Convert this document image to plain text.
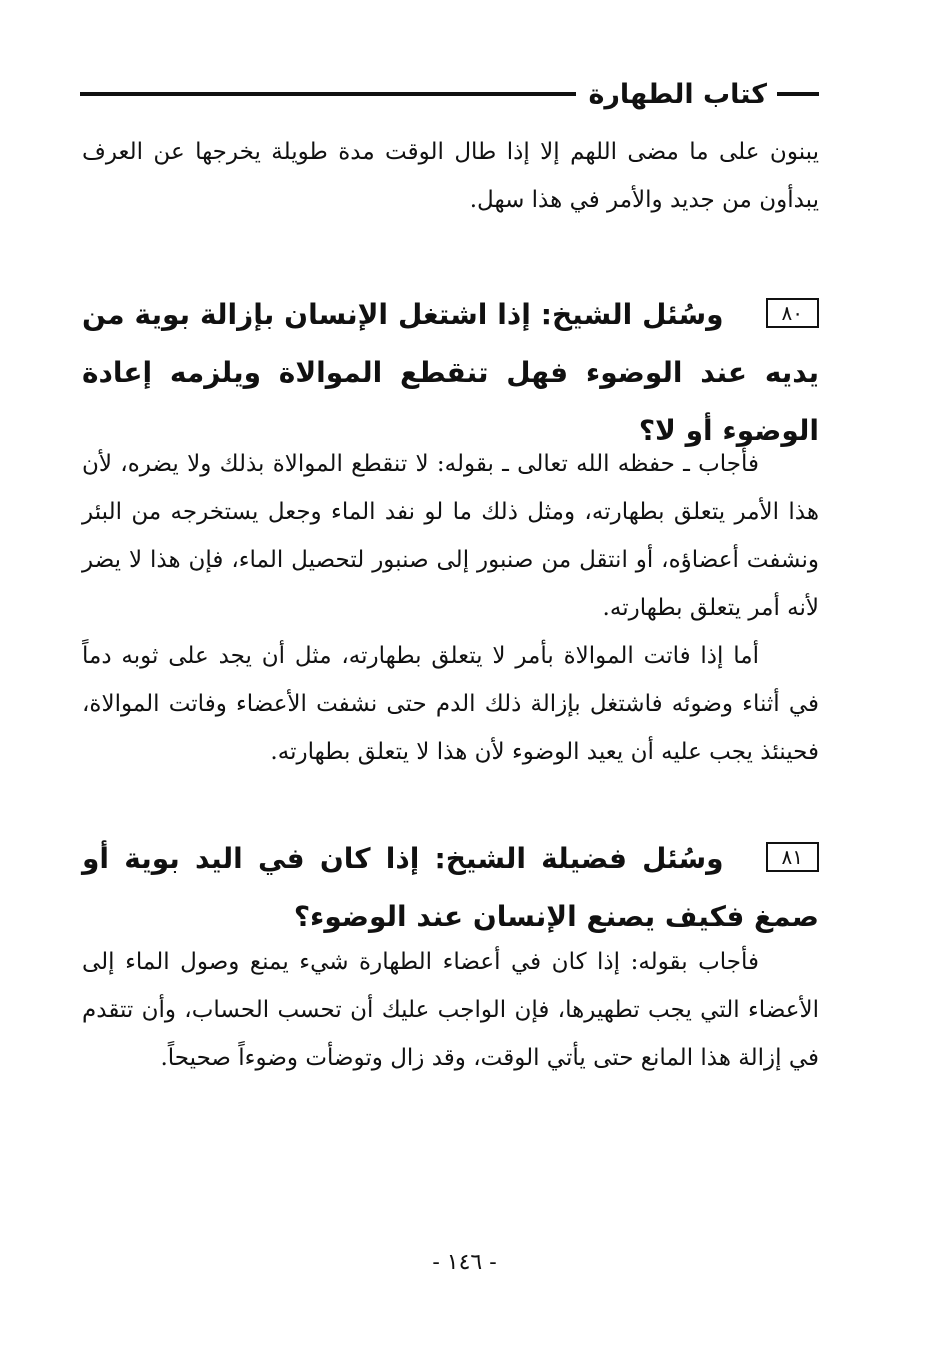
كتاب الطهارة

يبنون على ما مضى اللهم إلا إذا طال الوقت مدة طويلة يخرجها عن العرف يبدأون من جديد والأمر في هذا سهل.

٨٠وسُئل الشيخ: إذا اشتغل الإنسان بإزالة بوية من يديه عند الوضوء فهل تنقطع الموالاة ويلزمه إعادة الوضوء أو لا؟

فأجاب ـ حفظه الله تعالى ـ بقوله: لا تنقطع الموالاة بذلك ولا يضره، لأن هذا الأمر يتعلق بطهارته، ومثل ذلك ما لو نفد الماء وجعل يستخرجه من البئر ونشفت أعضاؤه، أو انتقل من صنبور إلى صنبور لتحصيل الماء، فإن هذا لا يضر لأنه أمر يتعلق بطهارته.

أما إذا فاتت الموالاة بأمر لا يتعلق بطهارته، مثل أن يجد على ثوبه دماً في أثناء وضوئه فاشتغل بإزالة ذلك الدم حتى نشفت الأعضاء وفاتت الموالاة، فحينئذ يجب عليه أن يعيد الوضوء لأن هذا لا يتعلق بطهارته.

٨١وسُئل فضيلة الشيخ: إذا كان في اليد بوية أو صمغ فكيف يصنع الإنسان عند الوضوء؟

فأجاب بقوله: إذا كان في أعضاء الطهارة شيء يمنع وصول الماء إلى الأعضاء التي يجب تطهيرها، فإن الواجب عليك أن تحسب الحساب، وأن تتقدم في إزالة هذا المانع حتى يأتي الوقت، وقد زال وتوضأت وضوءاً صحيحاً.

- ١٤٦ -
